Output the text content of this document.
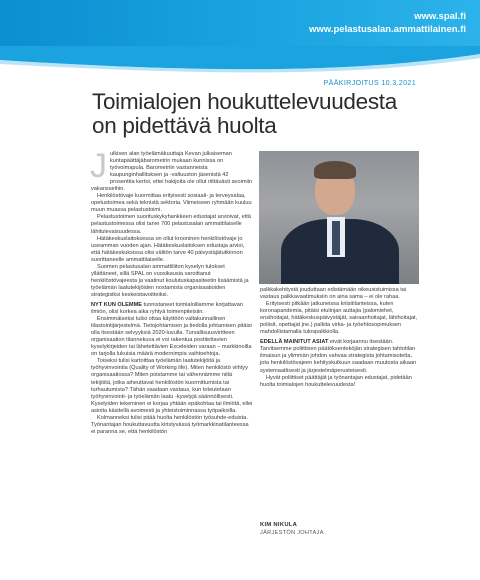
www.spal.fi
www.pelastusalan.ammattilainen.fi
PÄÄKIRJOITUS 10.3.2021
Toimialojen houkuttelevuudesta
on pidettävä huolta
J ulkisen alan työelämäkuuttaja Kevan julkaiseman kuntapäättäjäbarometrin mukaan kunnissa on työvoimapula. Barometriin vastanneista kaupunginhallituksen ja -valtuuston jäsenistä 42 prosenttia kertoi, ettei hakijoita ole ollut riittävästi avoimiin vakansseihin.

Henkilöstövaje kuormittaa erityisesti sosiaali- ja terveysalaa, opetustoimea sekä teknistä sektoria. Viimeiseen ryhmään kuuluu muun muassa pelastustoimi.

Pelastustoimen suorituskykyhankkeen edustajat arvioivat, että pelastustoimessa olisi tarve 700 pelastusalan ammattilaiselle lähitulevaisuudessa.

Hätäkeskuslaitoksessa on ollut krooninen henkilöstövaje jo useamman vuoden ajan. Hätäkeskuslaitoksen edustaja arvioi, että hätäkeskuksissa olisi välitön tarve 40 päivystäjätutkinnon suorittaneelle ammattilaiselle.

Suomen pelastusalan ammattiliiton kyselyn tulokset yllättäneet, sillä SPAL on vuosikausia varoittanut henkilöstövajeesta ja vaatinut koulutuskapasiteetin lisäämistä ja työelämän laatutekijöiden nostamista organisaatioiden strategisiksi keskeistavoitteiksi.

NYT KUN OLEMME tunnistaneet toimialoillamme korjattavan ilmiön, olisi korkea aika ryhtyä toimenpiteisiin.

Ensimmäiseksi tulisi ottaa käyttöön valtakunnallinen tilastointijärjestelmä. Tietojohtamisen ja tiedolla johtamisen pitäisi olla itsestään selvyyksiä 2020-luvulla. Turvallisuusviritteen organisaation tilannekuva ei voi rakentua postitettavien kyselykirjeiden tai lähetettävien Exceleiden varaan – markkinoilla on tarjolla lukuisia määrä modernimpia vaihtoehtoja.

Toiseksi tulisi kartoittaa työelämän laatutekijöitä ja työhyvinvointia (Quality of Working life). Miten henkilöstö viihtyy organisaatiossa? Miten poistamme tai vähennämme niitä tekijöitä, jotka aiheuttavat henkilöstön kuormittumista tai turhautumista? Tähän saadaan vastaus, kun toteutetaan työhyvinvointi- ja työelämän laatu -kyselyjä säännöllisesti. Kyselyiden tekeminen ei korjaa yhtään epäkohtaa tai ilmiötä, ellei asioita käsitellä avoimesti ja yhteistoiminnassa työpaikoilla.

Kolmanneksi tulisi pitää huolta henkilöstön työsuhde-eduista. Työnantajan houkuttavuutta kiristyvässä työmarkkinatilanteessa ei paranna se, että henkilöstön

palkkakehitystä jouduttaan edistämään oikeusistuimissa tai vastaus palkkavaatimuksiin on aina sama – ei ole rahaa.

Erityisesti pitkään jatkuneissa kriisitilanteissa, kuten koronapandemia, pitäisi etulinjan auttajia (palomiehet, ensihoitajat, hätäkeskuspäivystäjät, sairaanhoitajat, lähihoitajat, poliisit, opettajat jne.) palkita virka- ja työehtosopimuksen mahdollistamalla tulospalkkiolla.

EDELLÄ MAINITUT ASIAT eivät korjaannu itsestään. Tarvitsemme poliittisen päätöksenteköjän strategisen tahtotilan ilmaisun ja ylimmän johdon vahvaa strategista johtamisotetta, jota henkilöstövajeen kehityskulkuun saadaan muutosta aikaan systemaattisesti ja järjestelmäperusteisesti.

Hyvät poliittiset päättäjät ja työnantajan edustajat, pidetään huolta toimialojen houkuttelevuudesta!

KIM NIKULA
JÄRJESTÖN JOHTAJA
